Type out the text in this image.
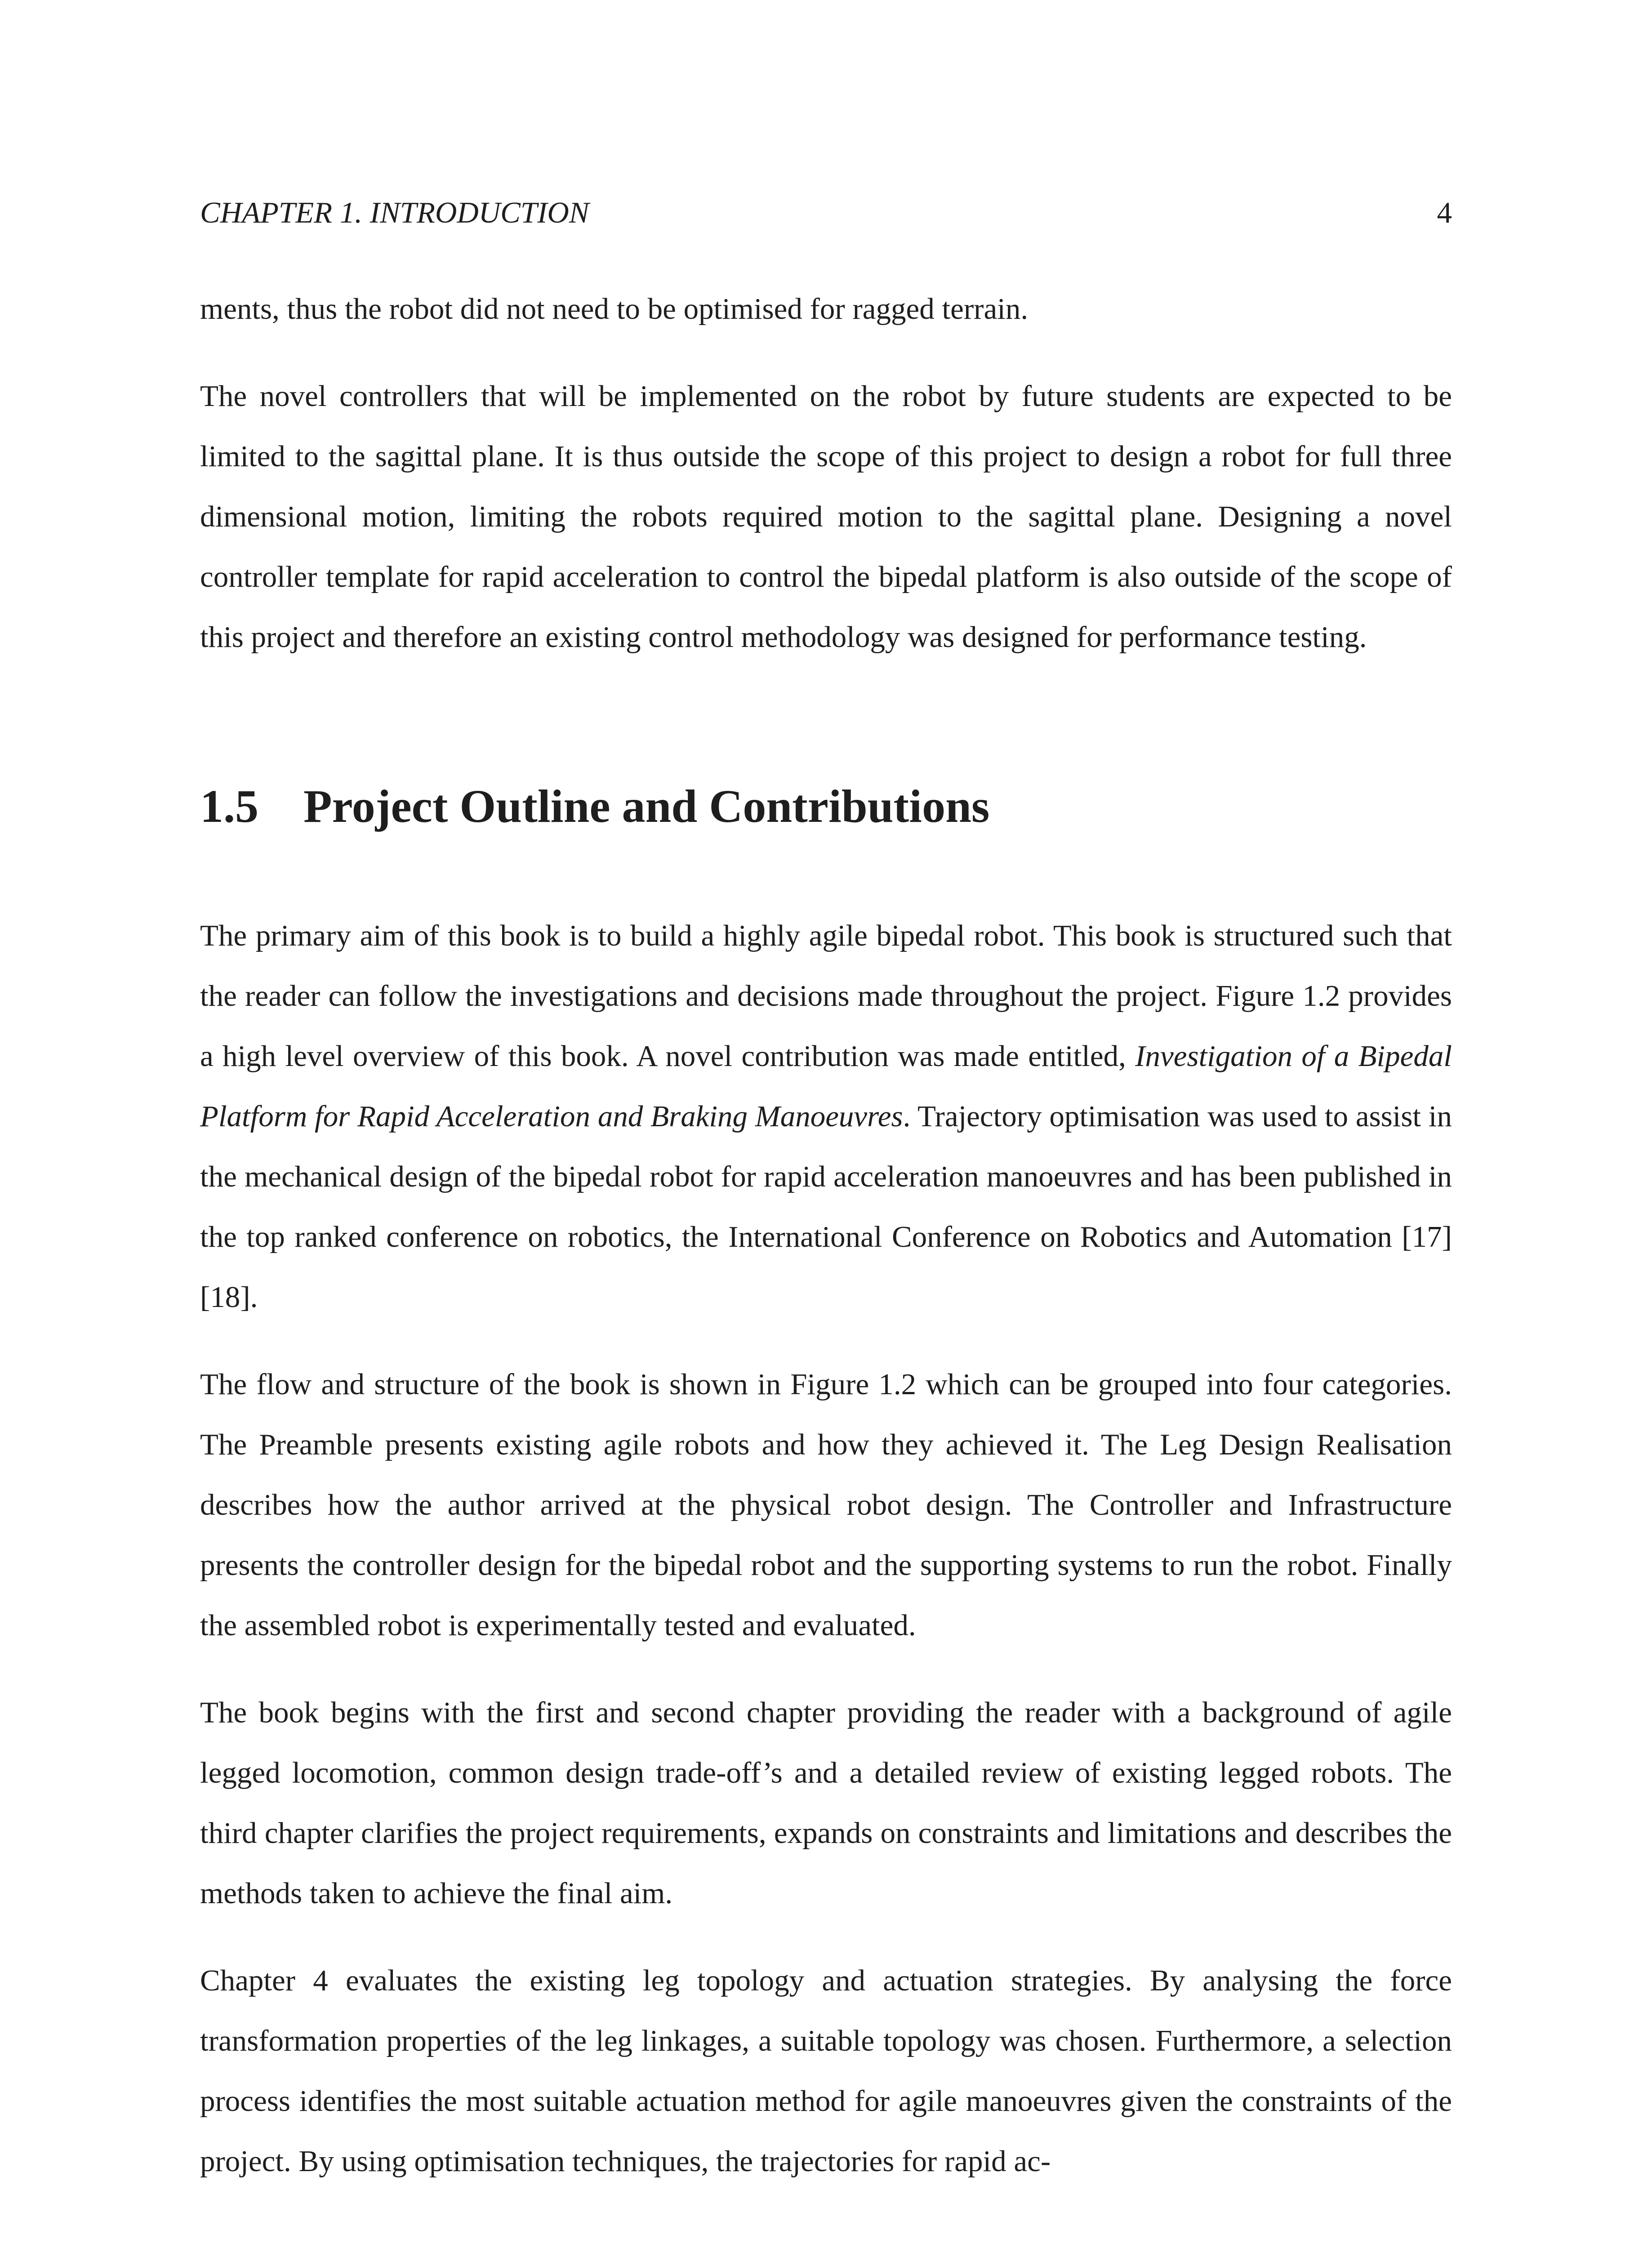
CHAPTER 1. INTRODUCTION	4

ments, thus the robot did not need to be optimised for ragged terrain.

The novel controllers that will be implemented on the robot by future students are expected to be limited to the sagittal plane. It is thus outside the scope of this project to design a robot for full three dimensional motion, limiting the robots required motion to the sagittal plane. Designing a novel controller template for rapid acceleration to control the bipedal platform is also outside of the scope of this project and therefore an existing control methodology was designed for performance testing.

1.5 Project Outline and Contributions

The primary aim of this book is to build a highly agile bipedal robot. This book is structured such that the reader can follow the investigations and decisions made throughout the project. Figure 1.2 provides a high level overview of this book. A novel contribution was made entitled, Investigation of a Bipedal Platform for Rapid Acceleration and Braking Manoeuvres. Trajectory optimisation was used to assist in the mechanical design of the bipedal robot for rapid acceleration manoeuvres and has been published in the top ranked conference on robotics, the International Conference on Robotics and Automation [17][18].

The flow and structure of the book is shown in Figure 1.2 which can be grouped into four categories. The Preamble presents existing agile robots and how they achieved it. The Leg Design Realisation describes how the author arrived at the physical robot design. The Controller and Infrastructure presents the controller design for the bipedal robot and the supporting systems to run the robot. Finally the assembled robot is experimentally tested and evaluated.

The book begins with the first and second chapter providing the reader with a background of agile legged locomotion, common design trade-off’s and a detailed review of existing legged robots. The third chapter clarifies the project requirements, expands on constraints and limitations and describes the methods taken to achieve the final aim.

Chapter 4 evaluates the existing leg topology and actuation strategies. By analysing the force transformation properties of the leg linkages, a suitable topology was chosen. Furthermore, a selection process identifies the most suitable actuation method for agile manoeuvres given the constraints of the project. By using optimisation techniques, the trajectories for rapid ac-
